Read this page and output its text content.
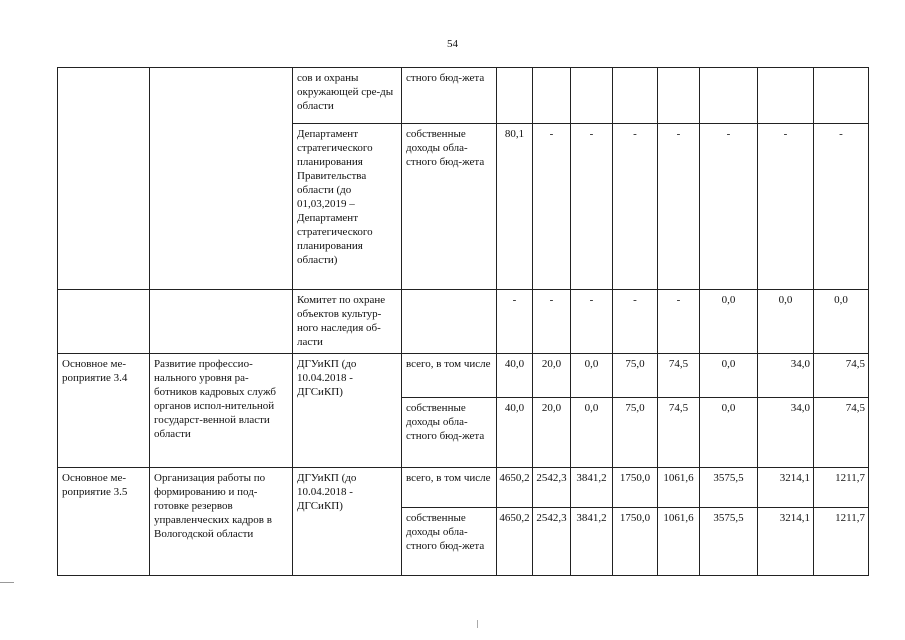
54
		сов и охраны окружающей сре-ды области	стного бюд-жета								
		Департамент стратегического планирования Правительства области (до 01,03,2019 – Департамент стратегического планирования области)	собственные доходы обла-стного бюд-жета	80,1	-	-	-	-	-	-	-
		Комитет по охране объектов культур-ного наследия об-ласти		-	-	-	-	-	0,0	0,0	0,0
Основное ме-роприятие 3.4	Развитие профессио-нального уровня ра-ботников кадровых служб органов испол-нительной государст-венной власти области	ДГУиКП (до 10.04.2018 - ДГСиКП)	всего, в том числе	40,0	20,0	0,0	75,0	74,5	0,0	34,0	74,5
			собственные доходы обла-стного бюд-жета	40,0	20,0	0,0	75,0	74,5	0,0	34,0	74,5
Основное ме-роприятие 3.5	Организация работы по формированию и под-готовке резервов управленческих кадров в Вологодской области	ДГУиКП (до 10.04.2018 - ДГСиКП)	всего, в том числе	4650,2	2542,3	3841,2	1750,0	1061,6	3575,5	3214,1	1211,7
			собственные доходы обла-стного бюд-жета	4650,2	2542,3	3841,2	1750,0	1061,6	3575,5	3214,1	1211,7
